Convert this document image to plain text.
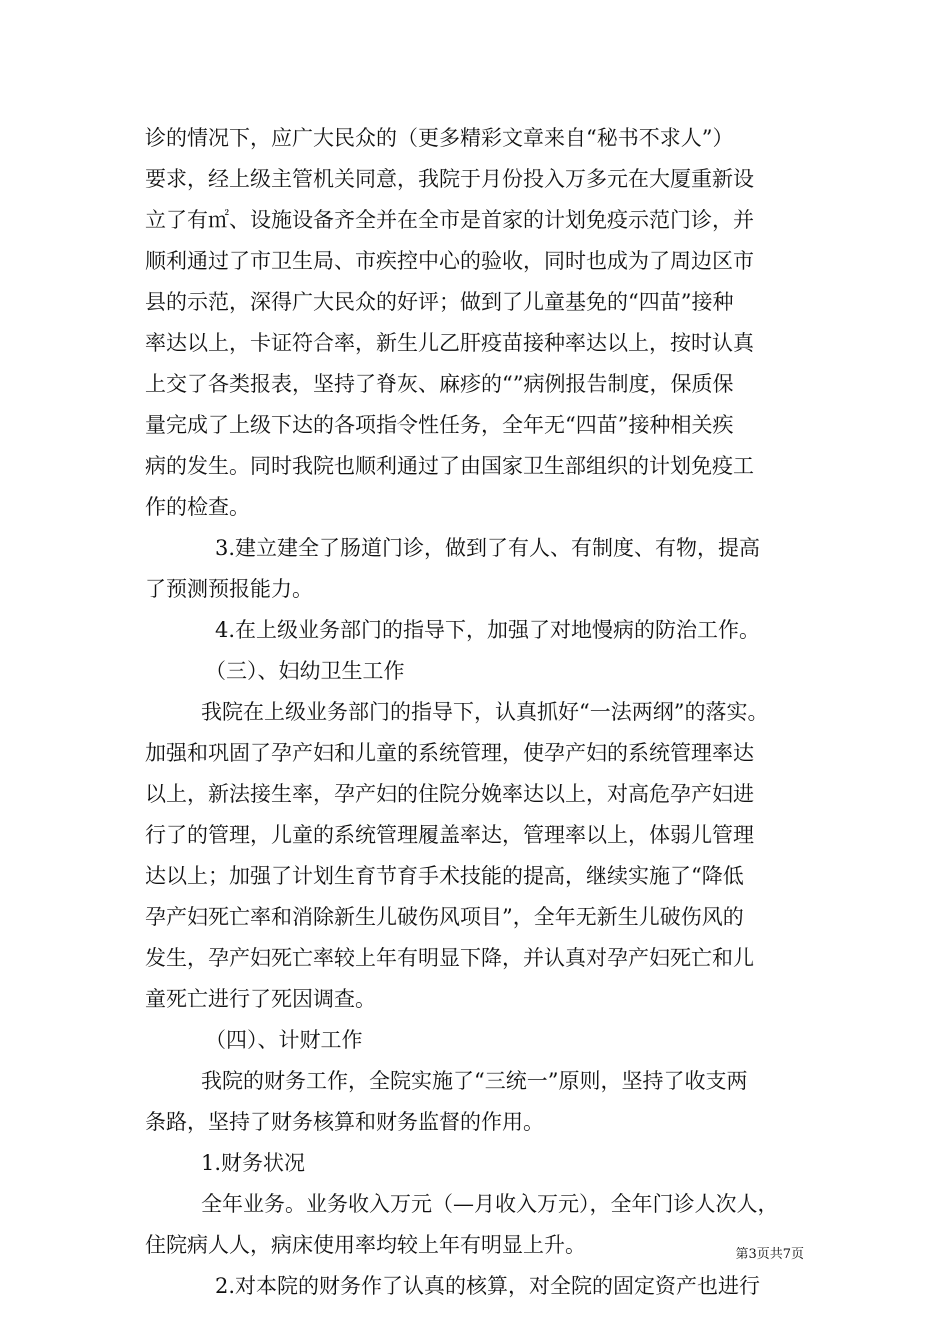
诊的情况下，应广大民众的（更多精彩文章来自“秘书不求人”）
要求，经上级主管机关同意，我院于月份投入万多元在大厦重新设
立了有㎡、设施设备齐全并在全市是首家的计划免疫示范门诊，并
顺利通过了市卫生局、市疾控中心的验收，同时也成为了周边区市
县的示范，深得广大民众的好评；做到了儿童基免的“四苗”接种
率达以上，卡证符合率，新生儿乙肝疫苗接种率达以上，按时认真
上交了各类报表，坚持了脊灰、麻疹的“”病例报告制度，保质保
量完成了上级下达的各项指令性任务，全年无“四苗”接种相关疾
病的发生。同时我院也顺利通过了由国家卫生部组织的计划免疫工
作的检查。
3.建立建全了肠道门诊，做到了有人、有制度、有物，提高
了预测预报能力。
4.在上级业务部门的指导下，加强了对地慢病的防治工作。
（三）、妇幼卫生工作
我院在上级业务部门的指导下，认真抓好“一法两纲”的落实。
加强和巩固了孕产妇和儿童的系统管理，使孕产妇的系统管理率达
以上，新法接生率，孕产妇的住院分娩率达以上，对高危孕产妇进
行了的管理，儿童的系统管理履盖率达，管理率以上，体弱儿管理
达以上；加强了计划生育节育手术技能的提高，继续实施了“降低
孕产妇死亡率和消除新生儿破伤风项目”，全年无新生儿破伤风的
发生，孕产妇死亡率较上年有明显下降，并认真对孕产妇死亡和儿
童死亡进行了死因调查。
（四）、计财工作
我院的财务工作，全院实施了“三统一”原则，坚持了收支两
条路，坚持了财务核算和财务监督的作用。
1.财务状况
全年业务。业务收入万元（—月收入万元），全年门诊人次人，
住院病人人，病床使用率均较上年有明显上升。
2.对本院的财务作了认真的核算，对全院的固定资产也进行
第3页共7页
